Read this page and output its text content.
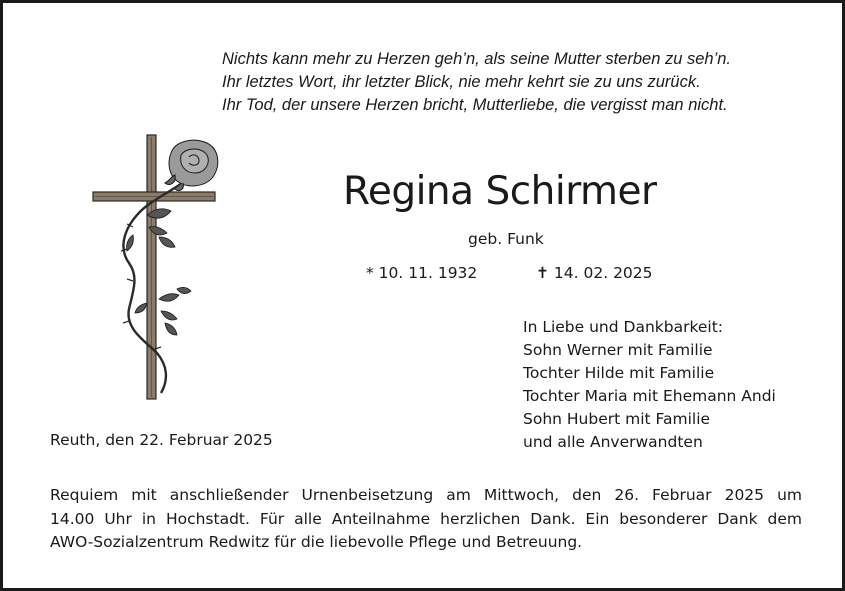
Nichts kann mehr zu Herzen geh’n, als seine Mutter sterben zu seh’n.
Ihr letztes Wort, ihr letzter Blick, nie mehr kehrt sie zu uns zurück.
Ihr Tod, der unsere Herzen bricht, Mutterliebe, die vergisst man nicht.
Regina Schirmer
geb. Funk
* 10. 11. 1932	✝ 14. 02. 2025
In Liebe und Dankbarkeit:
Sohn Werner mit Familie
Tochter Hilde mit Familie
Tochter Maria mit Ehemann Andi
Sohn Hubert mit Familie
und alle Anverwandten
Reuth, den 22. Februar 2025
Requiem mit anschließender Urnenbeisetzung am Mittwoch, den 26. Februar 2025 um
14.00 Uhr in Hochstadt. Für alle Anteilnahme herzlichen Dank. Ein besonderer Dank dem
AWO-Sozialzentrum Redwitz für die liebevolle Pflege und Betreuung.
